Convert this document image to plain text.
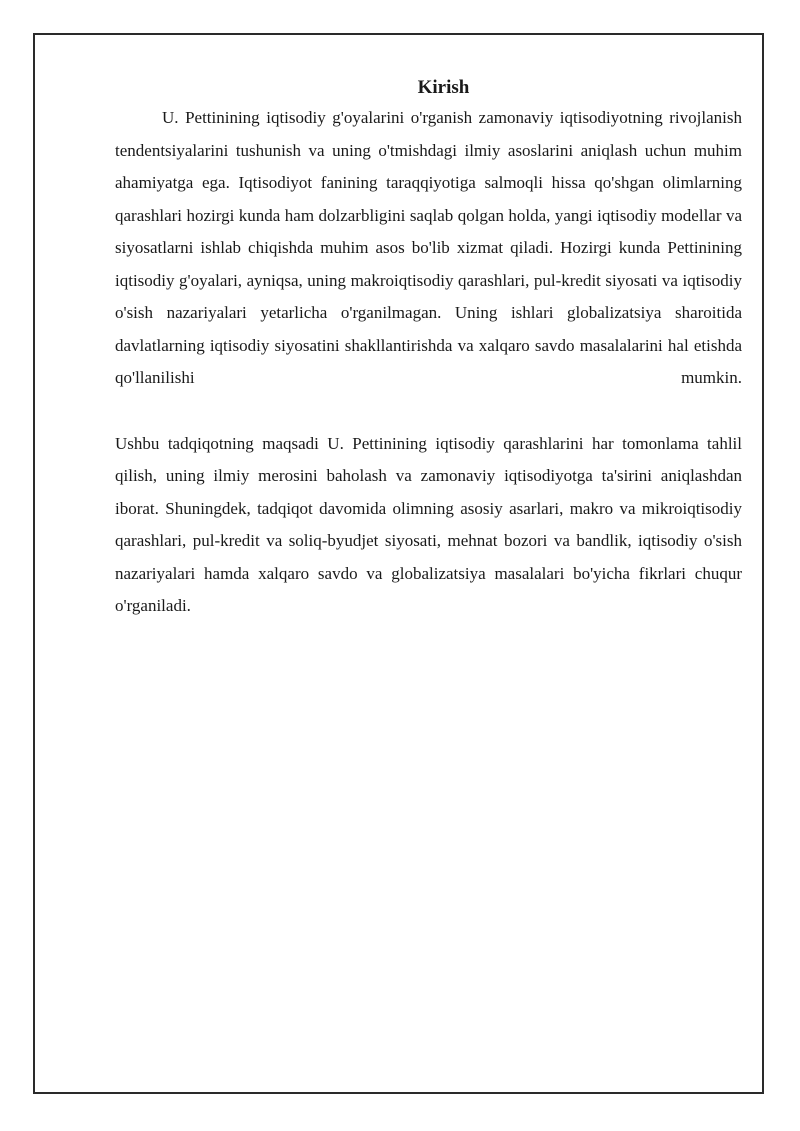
Kirish

U. Pettinining iqtisodiy g'oyalarini o'rganish zamonaviy iqtisodiyotning rivojlanish tendentsiyalarini tushunish va uning o'tmishdagi ilmiy asoslarini aniqlash uchun muhim ahamiyatga ega. Iqtisodiyot fanining taraqqiyotiga salmoqli hissa qo'shgan olimlarning qarashlari hozirgi kunda ham dolzarbligini saqlab qolgan holda, yangi iqtisodiy modellar va siyosatlarni ishlab chiqishda muhim asos bo'lib xizmat qiladi. Hozirgi kunda Pettinining iqtisodiy g'oyalari, ayniqsa, uning makroiqtisodiy qarashlari, pul-kredit siyosati va iqtisodiy o'sish nazariyalari yetarlicha o'rganilmagan. Uning ishlari globalizatsiya sharoitida davlatlarning iqtisodiy siyosatini shakllantirishda va xalqaro savdo masalalarini hal etishda qo'llanilishi mumkin.

Ushbu tadqiqotning maqsadi U. Pettinining iqtisodiy qarashlarini har tomonlama tahlil qilish, uning ilmiy merosini baholash va zamonaviy iqtisodiyotga ta'sirini aniqlashdan iborat. Shuningdek, tadqiqot davomida olimning asosiy asarlari, makro va mikroiqtisodiy qarashlari, pul-kredit va soliq-byudjet siyosati, mehnat bozori va bandlik, iqtisodiy o'sish nazariyalari hamda xalqaro savdo va globalizatsiya masalalari bo'yicha fikrlari chuqur o'rganiladi.
